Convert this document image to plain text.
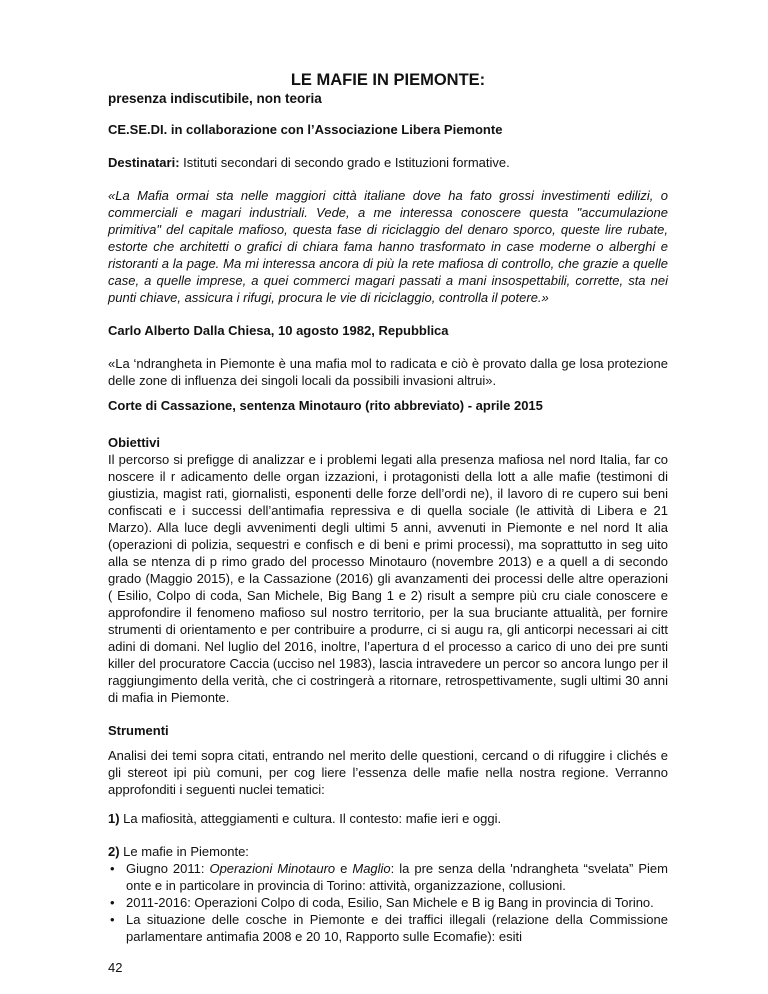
LE MAFIE IN PIEMONTE:

presenza indiscutibile, non teoria

CE.SE.DI. in collaborazione con l’Associazione Libera Piemonte

Destinatari: Istituti secondari di secondo grado e Istituzioni formative.

«La Mafia ormai sta nelle maggiori città italiane dove ha fato grossi investimenti edilizi, o commerciali e magari industriali. Vede, a me interessa conoscere questa "accumulazione primitiva" del capitale mafioso, questa fase di riciclaggio del denaro sporco, queste lire rubate, estorte che architetti o grafici di chiara fama hanno trasformato in case moderne o alberghi e ristoranti a la page. Ma mi interessa ancora di più la rete mafiosa di controllo, che grazie a quelle case, a quelle imprese, a quei commerci magari passati a mani insospettabili, corrette, sta nei punti chiave, assicura i rifugi, procura le vie di riciclaggio, controlla il potere.»

Carlo Alberto Dalla Chiesa, 10 agosto 1982, Repubblica

«La ‘ndrangheta in Piemonte è una mafia mol to radicata e ciò è provato dalla ge losa protezione delle zone di influenza dei singoli locali da possibili invasioni altrui».

Corte di Cassazione, sentenza Minotauro (rito abbreviato) - aprile 2015

Obiettivi

Il percorso si prefigge di analizzar e i problemi legati alla presenza mafiosa nel nord Italia, far co noscere il r adicamento delle organ izzazioni, i protagonisti della lott a alle mafie (testimoni di giustizia, magist rati, giornalisti, esponenti delle forze dell’ordi ne), il lavoro di re cupero sui beni confiscati e i successi dell’antimafia repressiva e di quella sociale (le attività di Libera e 21 Marzo). Alla luce degli avvenimenti degli ultimi 5 anni, avvenuti in Piemonte e nel nord It alia (operazioni di polizia, sequestri e confisch e di beni e primi processi), ma soprattutto in seg uito alla se ntenza di p rimo grado del processo Minotauro (novembre 2013) e a quell a di secondo grado (Maggio 2015), e la Cassazione (2016) gli avanzamenti dei processi delle altre operazioni ( Esilio, Colpo di coda, San Michele, Big Bang 1 e 2) risult a sempre più cru ciale conoscere e approfondire il fenomeno mafioso sul nostro territorio, per la sua bruciante attualità, per fornire strumenti di orientamento e per contribuire a produrre, ci si augu ra, gli anticorpi necessari ai citt adini di domani. Nel luglio del 2016, inoltre, l’apertura d el processo a carico di uno dei pre sunti killer del procuratore Caccia (ucciso nel 1983), lascia intravedere un percor so ancora lungo per il raggiungimento della verità, che ci costringerà a ritornare, retrospettivamente, sugli ultimi 30 anni di mafia in Piemonte.

Strumenti

Analisi dei temi sopra citati, entrando nel merito delle questioni, cercand o di rifuggire i clichés e gli stereot ipi più comuni, per cog liere l’essenza delle mafie nella nostra regione. Verranno approfonditi i seguenti nuclei tematici:

1) La mafiosità, atteggiamenti e cultura. Il contesto: mafie ieri e oggi.

2) Le mafie in Piemonte:

• Giugno 2011: Operazioni Minotauro e Maglio: la pre senza della 'ndrangheta “svelata” Piem onte e in particolare in provincia di Torino: attività, organizzazione, collusioni.
• 2011-2016: Operazioni Colpo di coda, Esilio, San Michele e B ig Bang in provincia di Torino.
• La situazione delle cosche in Piemonte e dei traffici illegali (relazione della Commissione parlamentare antimafia 2008 e 20 10, Rapporto sulle Ecomafie): esiti
42
